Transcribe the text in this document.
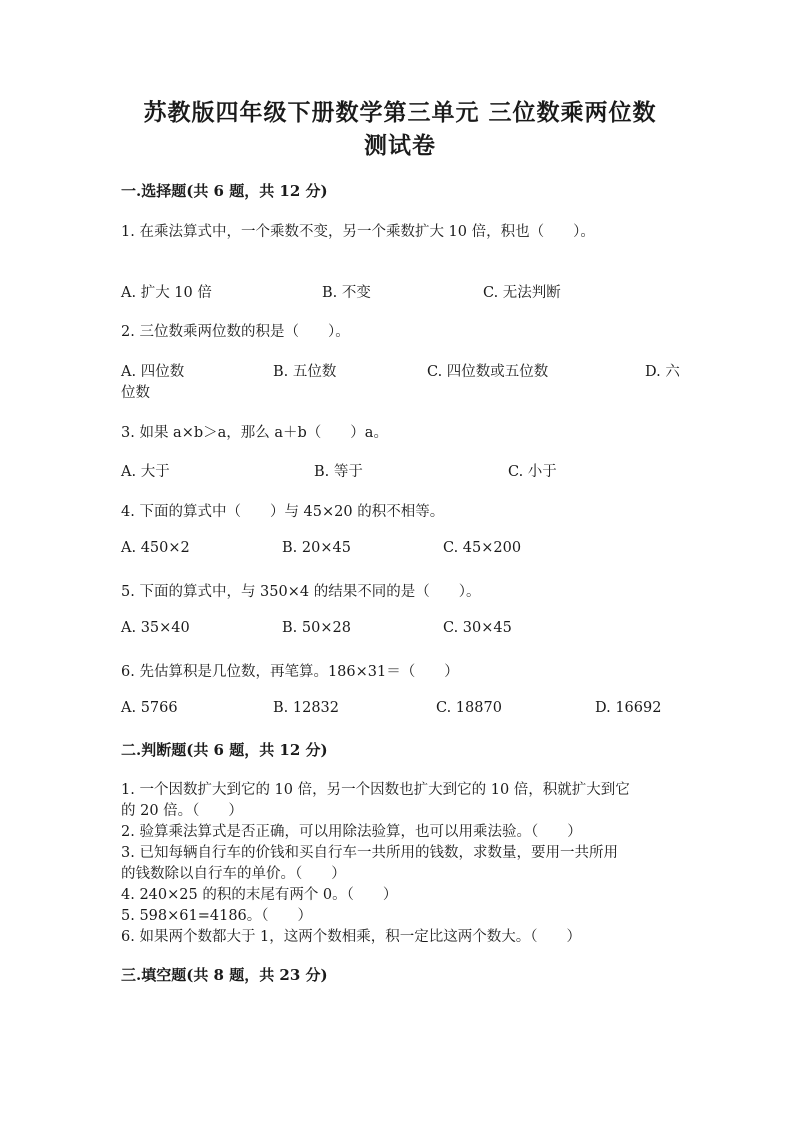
苏教版四年级下册数学第三单元 三位数乘两位数
测试卷
一.选择题(共 6 题，共 12 分)
1. 在乘法算式中，一个乘数不变，另一个乘数扩大 10 倍，积也（　　）。
A. 扩大 10 倍	B. 不变	C. 无法判断
2. 三位数乘两位数的积是（　　）。
A. 四位数	B. 五位数	C. 四位数或五位数	D. 六
位数
3. 如果 a×b＞a，那么 a＋b（　　）a。
A. 大于	B. 等于	C. 小于
4. 下面的算式中（　　）与 45×20 的积不相等。
A. 450×2	B. 20×45	C. 45×200
5. 下面的算式中，与 350×4 的结果不同的是（　　）。
A. 35×40	B. 50×28	C. 30×45
6. 先估算积是几位数，再笔算。186×31＝（　　）
A. 5766	B. 12832	C. 18870	D. 16692
二.判断题(共 6 题，共 12 分)
1. 一个因数扩大到它的 10 倍，另一个因数也扩大到它的 10 倍，积就扩大到它
的 20 倍。（　　）
2. 验算乘法算式是否正确，可以用除法验算，也可以用乘法验。（　　）
3. 已知每辆自行车的价钱和买自行车一共所用的钱数，求数量，要用一共所用
的钱数除以自行车的单价。（　　）
4. 240×25 的积的末尾有两个 0。（　　）
5. 598×61=4186。（　　）
6. 如果两个数都大于 1，这两个数相乘，积一定比这两个数大。（　　）
三.填空题(共 8 题，共 23 分)
